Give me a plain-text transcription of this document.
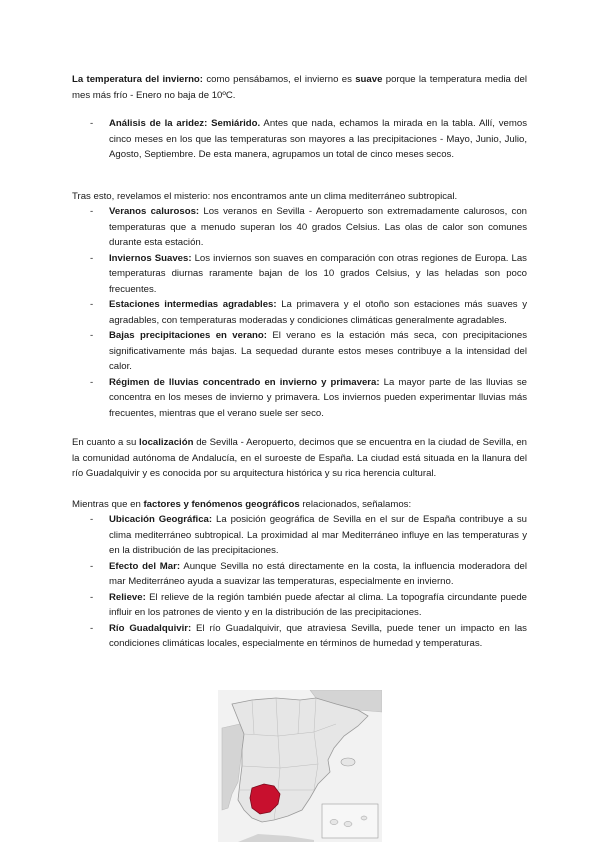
La temperatura del invierno: como pensábamos, el invierno es suave porque la temperatura media del mes más frío - Enero no baja de 10ºC.

- Análisis de la aridez: Semiárido. Antes que nada, echamos la mirada en la tabla. Allí, vemos cinco meses en los que las temperaturas son mayores a las precipitaciones - Mayo, Junio, Julio, Agosto, Septiembre. De esta manera, agrupamos un total de cinco meses secos.

Tras esto, revelamos el misterio: nos encontramos ante un clima mediterráneo subtropical.

- Veranos calurosos: Los veranos en Sevilla - Aeropuerto son extremadamente calurosos, con temperaturas que a menudo superan los 40 grados Celsius. Las olas de calor son comunes durante esta estación.
- Inviernos Suaves: Los inviernos son suaves en comparación con otras regiones de Europa. Las temperaturas diurnas raramente bajan de los 10 grados Celsius, y las heladas son poco frecuentes.
- Estaciones intermedias agradables: La primavera y el otoño son estaciones más suaves y agradables, con temperaturas moderadas y condiciones climáticas generalmente agradables.
- Bajas precipitaciones en verano: El verano es la estación más seca, con precipitaciones significativamente más bajas. La sequedad durante estos meses contribuye a la intensidad del calor.
- Régimen de lluvias concentrado en invierno y primavera: La mayor parte de las lluvias se concentra en los meses de invierno y primavera. Los inviernos pueden experimentar lluvias más frecuentes, mientras que el verano suele ser seco.

En cuanto a su localización de Sevilla - Aeropuerto, decimos que se encuentra en la ciudad de Sevilla, en la comunidad autónoma de Andalucía, en el suroeste de España. La ciudad está situada en la llanura del río Guadalquivir y es conocida por su arquitectura histórica y su rica herencia cultural.

Mientras que en factores y fenómenos geográficos relacionados, señalamos:

- Ubicación Geográfica: La posición geográfica de Sevilla en el sur de España contribuye a su clima mediterráneo subtropical. La proximidad al mar Mediterráneo influye en las temperaturas y en la distribución de las precipitaciones.
- Efecto del Mar: Aunque Sevilla no está directamente en la costa, la influencia moderadora del mar Mediterráneo ayuda a suavizar las temperaturas, especialmente en invierno.
- Relieve: El relieve de la región también puede afectar al clima. La topografía circundante puede influir en los patrones de viento y en la distribución de las precipitaciones.
- Río Guadalquivir: El río Guadalquivir, que atraviesa Sevilla, puede tener un impacto en las condiciones climáticas locales, especialmente en términos de humedad y temperaturas.
